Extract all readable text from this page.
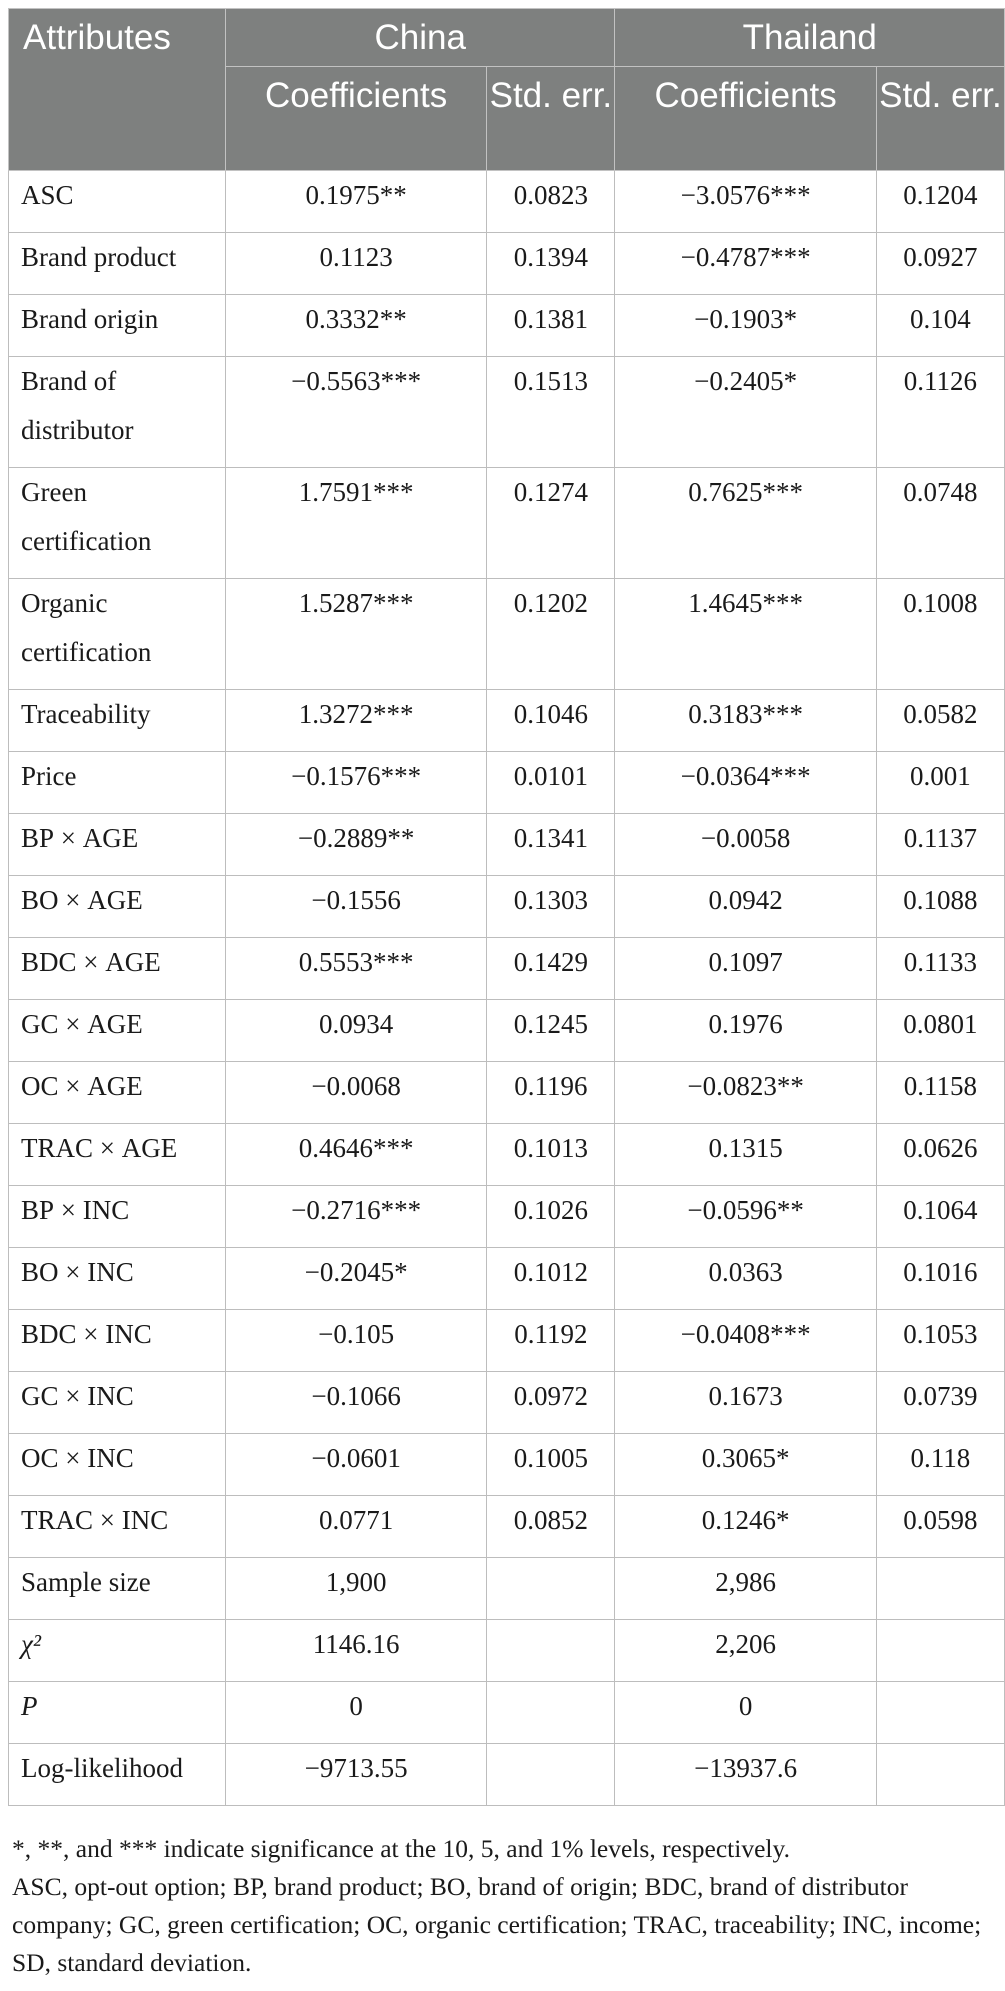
Attributes	China		Thailand	
	Coefficients	Std. err.	Coefficients	Std. err.
ASC	0.1975**	0.0823	−3.0576***	0.1204
Brand product	0.1123	0.1394	−0.4787***	0.0927
Brand origin	0.3332**	0.1381	−0.1903*	0.104
Brand of distributor	−0.5563***	0.1513	−0.2405*	0.1126
Green certification	1.7591***	0.1274	0.7625***	0.0748
Organic certification	1.5287***	0.1202	1.4645***	0.1008
Traceability	1.3272***	0.1046	0.3183***	0.0582
Price	−0.1576***	0.0101	−0.0364***	0.001
BP × AGE	−0.2889**	0.1341	−0.0058	0.1137
BO × AGE	−0.1556	0.1303	0.0942	0.1088
BDC × AGE	0.5553***	0.1429	0.1097	0.1133
GC × AGE	0.0934	0.1245	0.1976	0.0801
OC × AGE	−0.0068	0.1196	−0.0823**	0.1158
TRAC × AGE	0.4646***	0.1013	0.1315	0.0626
BP × INC	−0.2716***	0.1026	−0.0596**	0.1064
BO × INC	−0.2045*	0.1012	0.0363	0.1016
BDC × INC	−0.105	0.1192	−0.0408***	0.1053
GC × INC	−0.1066	0.0972	0.1673	0.0739
OC × INC	−0.0601	0.1005	0.3065*	0.118
TRAC × INC	0.0771	0.0852	0.1246*	0.0598
Sample size	1,900		2,986	
χ²	1146.16		2,206	
P	0		0	
Log-likelihood	−9713.55		−13937.6	

*, **, and *** indicate significance at the 10, 5, and 1% levels, respectively.

ASC, opt-out option; BP, brand product; BO, brand of origin; BDC, brand of distributor company; GC, green certification; OC, organic certification; TRAC, traceability; INC, income; SD, standard deviation.
